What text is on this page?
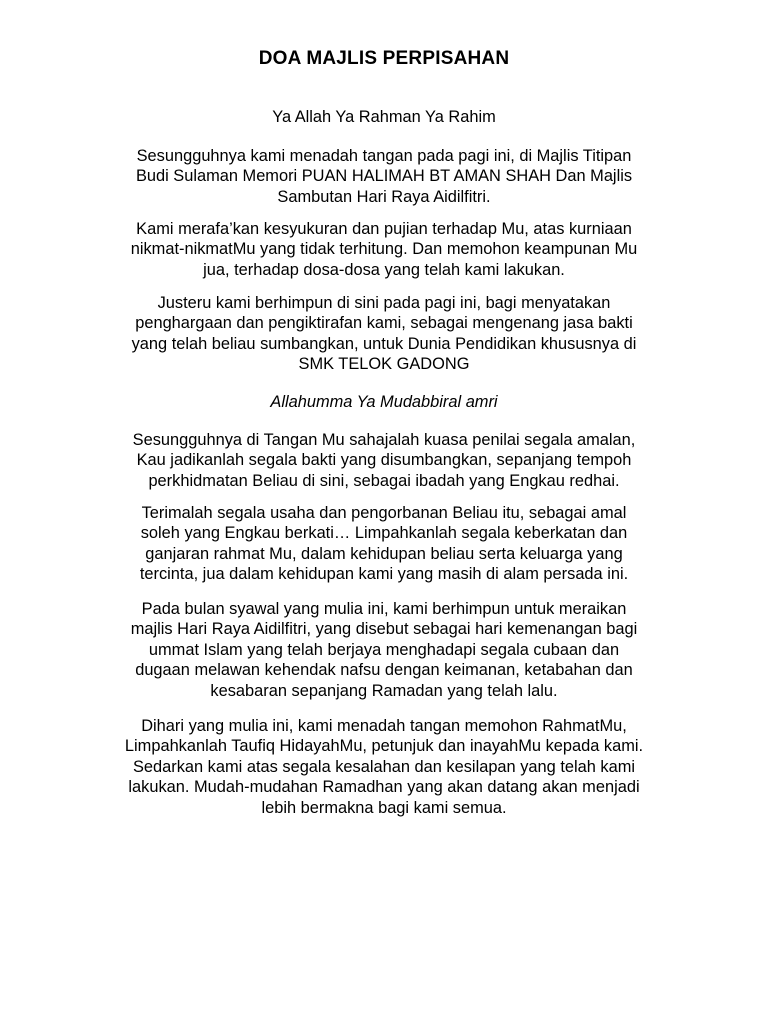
DOA MAJLIS PERPISAHAN
Ya Allah Ya Rahman Ya Rahim
Sesungguhnya kami menadah tangan pada pagi ini, di Majlis Titipan
Budi Sulaman Memori PUAN HALIMAH BT AMAN SHAH Dan Majlis
Sambutan Hari Raya Aidilfitri.
Kami merafa’kan kesyukuran dan pujian terhadap Mu, atas kurniaan
nikmat-nikmatMu yang tidak terhitung. Dan memohon keampunan Mu
jua, terhadap dosa-dosa yang telah kami lakukan.
Justeru kami berhimpun di sini pada pagi ini, bagi menyatakan
penghargaan dan pengiktirafan kami, sebagai mengenang jasa bakti
yang telah beliau sumbangkan, untuk Dunia Pendidikan khususnya di
SMK TELOK GADONG
Allahumma Ya Mudabbiral amri
Sesungguhnya di Tangan Mu sahajalah kuasa penilai segala amalan,
Kau jadikanlah segala bakti yang disumbangkan, sepanjang tempoh
perkhidmatan Beliau di sini, sebagai ibadah yang Engkau redhai.
Terimalah segala usaha dan pengorbanan Beliau itu, sebagai amal
soleh yang Engkau berkati… Limpahkanlah segala keberkatan dan
ganjaran rahmat Mu, dalam kehidupan beliau serta keluarga yang
tercinta, jua dalam kehidupan kami yang masih di alam persada ini.
Pada bulan syawal yang mulia ini, kami berhimpun untuk meraikan
majlis Hari Raya Aidilfitri, yang disebut sebagai hari kemenangan bagi
ummat Islam yang telah berjaya menghadapi segala cubaan dan
dugaan melawan kehendak nafsu dengan keimanan, ketabahan dan
kesabaran sepanjang Ramadan yang telah lalu.
Dihari yang mulia ini, kami menadah tangan memohon RahmatMu,
Limpahkanlah Taufiq HidayahMu, petunjuk dan inayahMu kepada kami.
Sedarkan kami atas segala kesalahan dan kesilapan yang telah kami
lakukan. Mudah-mudahan Ramadhan yang akan datang akan menjadi
lebih bermakna bagi kami semua.
